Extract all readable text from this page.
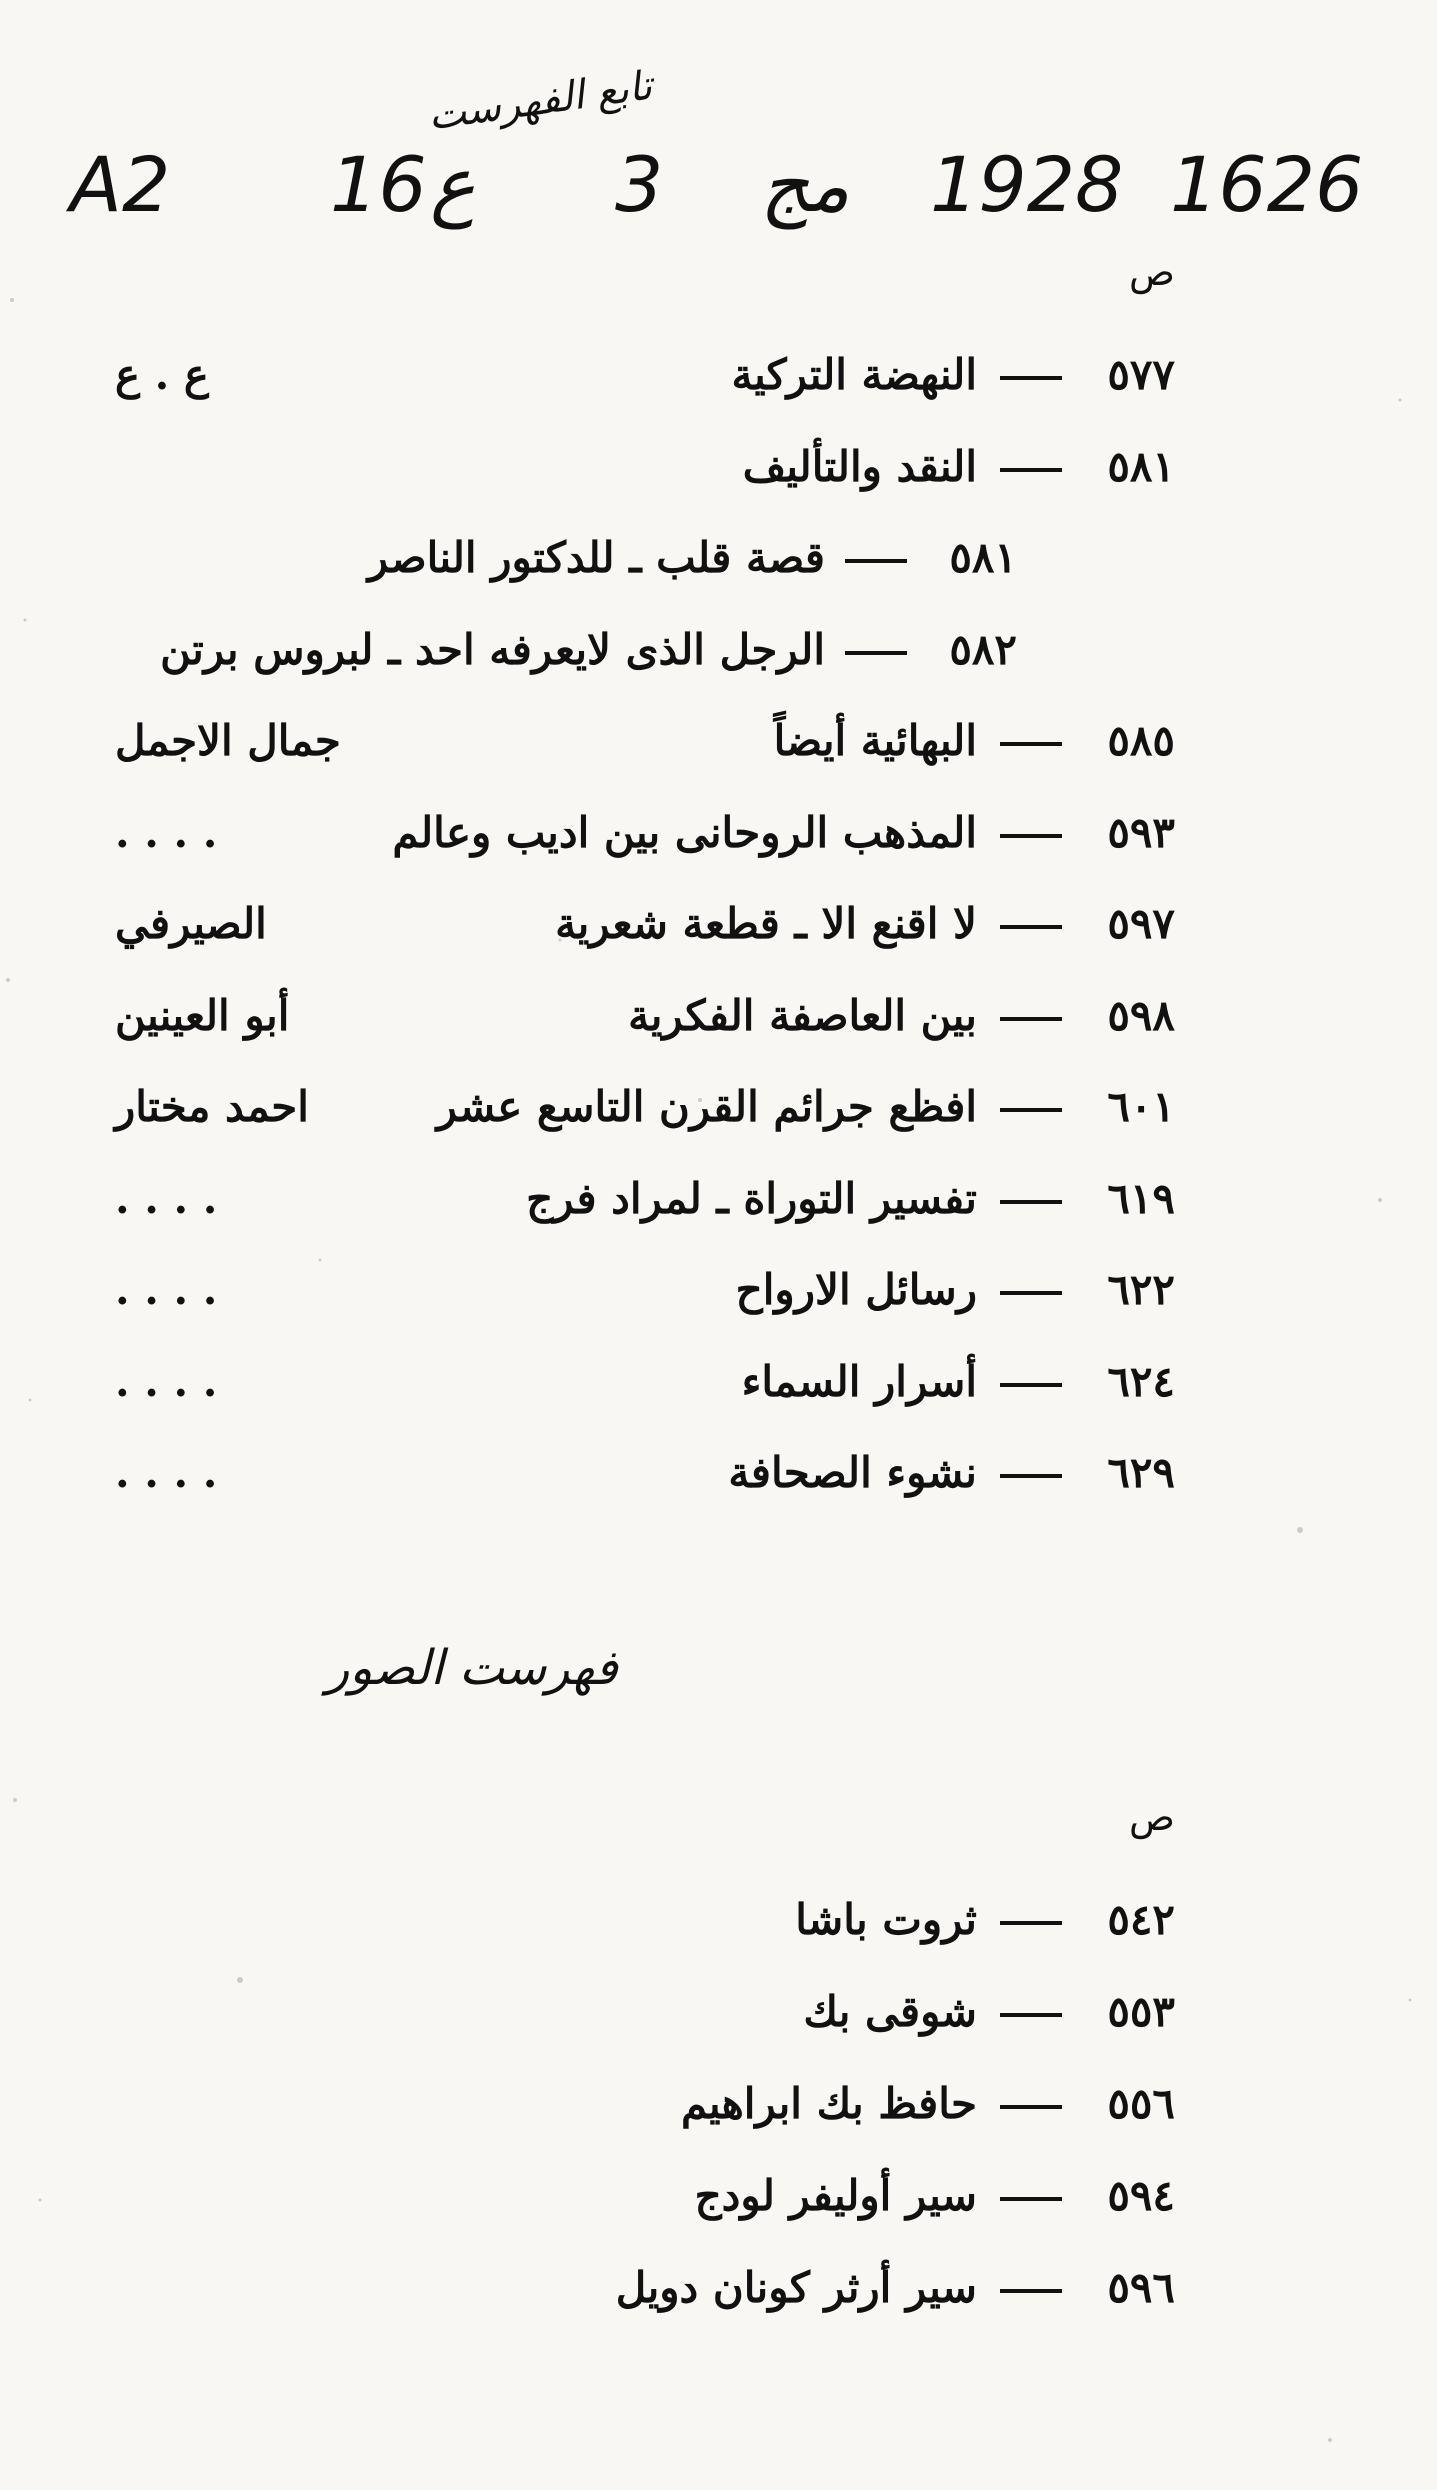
تابع الفهرست
A2 16 ع 3 مج 1928 1626
ص
٥٧٧
النهضة التركية
ع . ع
٥٨١
النقد والتأليف
٥٨١
قصة قلب ـ للدكتور الناصر
٥٨٢
الرجل الذى لايعرفه احد ـ لبروس برتن
٥٨٥
البهائية أيضاً
جمال الاجمل
٥٩٣
المذهب الروحانى بين اديب وعالم
. . . .
٥٩٧
لا اقنع الا ـ قطعة شعرية
الصيرفي
٥٩٨
بين العاصفة الفكرية
أبو العينين
٦٠١
افظع جرائم القرن التاسع عشر
احمد مختار
٦١٩
تفسير التوراة ـ لمراد فرج
. . . .
٦٢٢
رسائل الارواح
. . . .
٦٢٤
أسرار السماء
. . . .
٦٢٩
نشوء الصحافة
. . . .
فهرست الصور
ص
٥٤٢
ثروت باشا
٥٥٣
شوقى بك
٥٥٦
حافظ بك ابراهيم
٥٩٤
سير أوليفر لودج
٥٩٦
سير أرثر كونان دويل
